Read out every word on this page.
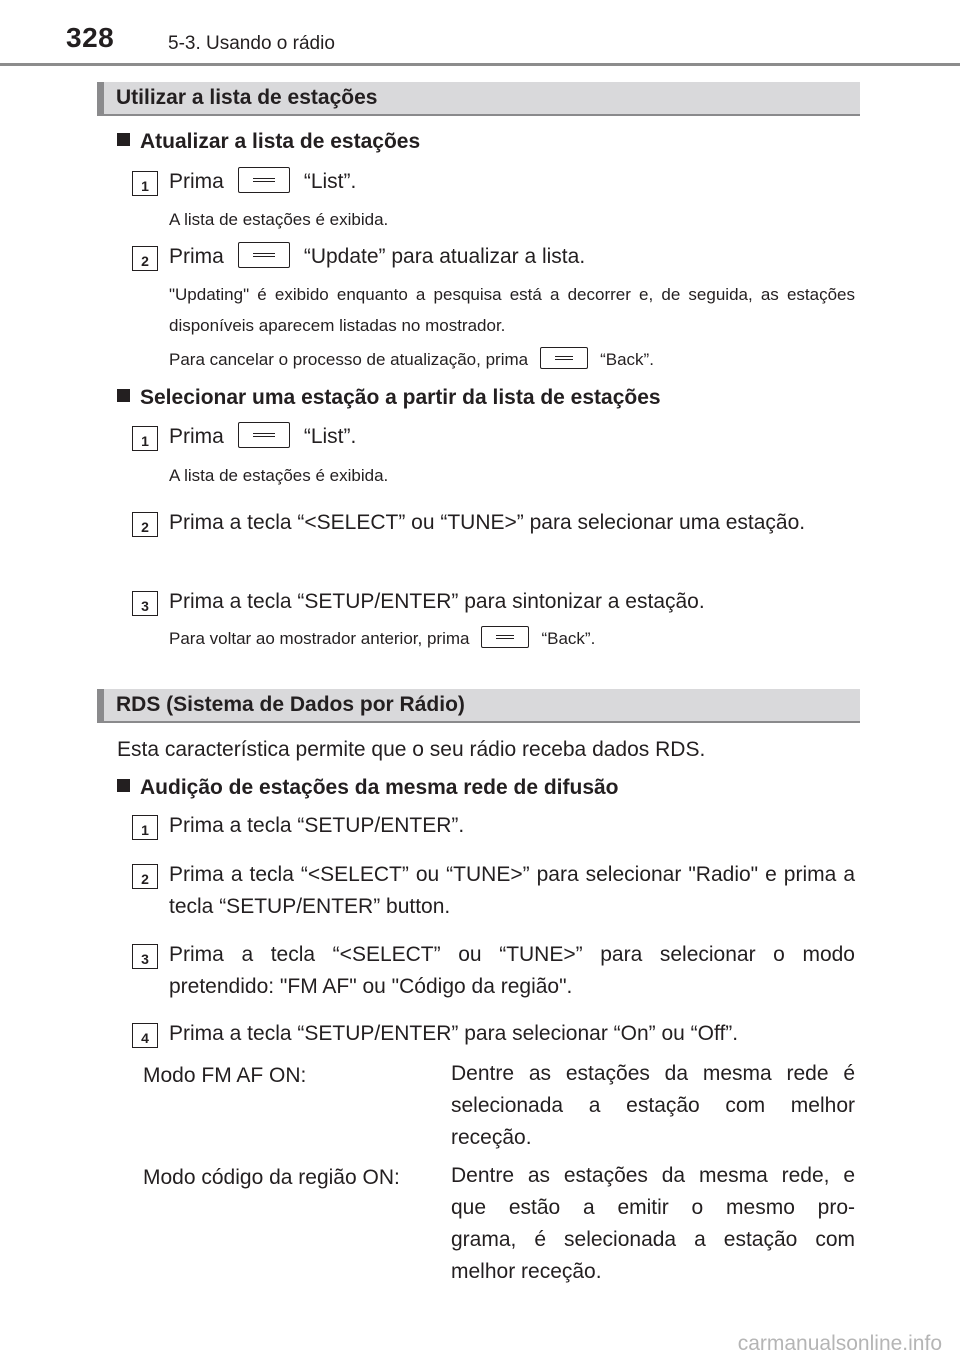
328	5-3. Usando o rádio
Utilizar a lista de estações
Atualizar a lista de estações
1 Prima	“List”.
A lista de estações é exibida.
2 Prima	“Update” para atualizar a lista.
"Updating" é exibido enquanto a pesquisa está a decorrer e, de seguida, as estações disponíveis aparecem listadas no mostrador.
Para cancelar o processo de atualização, prima	“Back”.
Selecionar uma estação a partir da lista de estações
1 Prima	“List”.
A lista de estações é exibida.
2 Prima a tecla “<SELECT” ou “TUNE>” para selecionar uma estação.
3 Prima a tecla “SETUP/ENTER” para sintonizar a estação.
Para voltar ao mostrador anterior, prima	“Back”.
RDS (Sistema de Dados por Rádio)
Esta característica permite que o seu rádio receba dados RDS.
Audição de estações da mesma rede de difusão
1 Prima a tecla “SETUP/ENTER”.
2 Prima a tecla “<SELECT” ou “TUNE>” para selecionar "Radio" e prima a tecla “SETUP/ENTER” button.
3 Prima a tecla “<SELECT” ou “TUNE>” para selecionar o modo pretendido: "FM AF" ou "Código da região".
4 Prima a tecla “SETUP/ENTER” para selecionar “On” ou “Off”.
Modo FM AF ON:	Dentre as estações da mesma rede é
selecionada a estação com melhor
receção.
Modo código da região ON: Dentre as estações da mesma rede, e
que estão a emitir o mesmo pro-
grama, é selecionada a estação com
melhor receção.
carmanualsonline.info
